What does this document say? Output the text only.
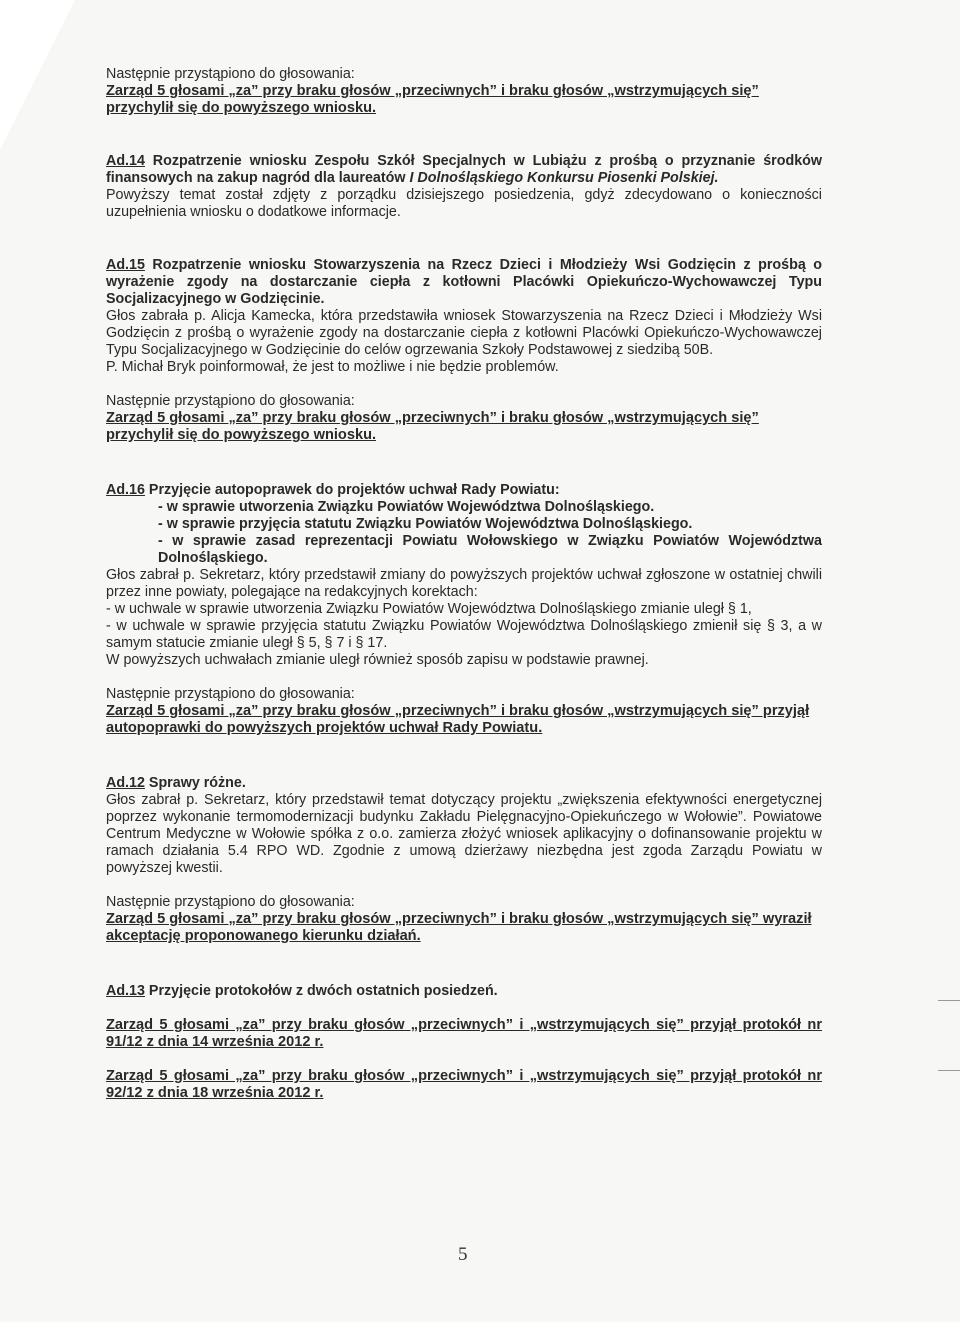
Następnie przystąpiono do głosowania:

Zarząd 5 głosami „za” przy braku głosów „przeciwnych” i braku głosów „wstrzymujących się” przychylił się do powyższego wniosku.

Ad.14 Rozpatrzenie wniosku Zespołu Szkół Specjalnych w Lubiążu z prośbą o przyznanie środków finansowych na zakup nagród dla laureatów I Dolnośląskiego Konkursu Piosenki Polskiej.

Powyższy temat został zdjęty z porządku dzisiejszego posiedzenia, gdyż zdecydowano o konieczności uzupełnienia wniosku o dodatkowe informacje.

Ad.15 Rozpatrzenie wniosku Stowarzyszenia na Rzecz Dzieci i Młodzieży Wsi Godzięcin z prośbą o wyrażenie zgody na dostarczanie ciepła z kotłowni Placówki Opiekuńczo-Wychowawczej Typu Socjalizacyjnego w Godzięcinie.

Głos zabrała p. Alicja Kamecka, która przedstawiła wniosek Stowarzyszenia na Rzecz Dzieci i Młodzieży Wsi Godzięcin z prośbą o wyrażenie zgody na dostarczanie ciepła z kotłowni Placówki Opiekuńczo-Wychowawczej Typu Socjalizacyjnego w Godzięcinie do celów ogrzewania Szkoły Podstawowej z siedzibą 50B.

P. Michał Bryk poinformował, że jest to możliwe i nie będzie problemów.

Następnie przystąpiono do głosowania:

Zarząd 5 głosami „za” przy braku głosów „przeciwnych” i braku głosów „wstrzymujących się” przychylił się do powyższego wniosku.

Ad.16 Przyjęcie autopoprawek do projektów uchwał Rady Powiatu:

- w sprawie utworzenia Związku Powiatów Województwa Dolnośląskiego.

- w sprawie przyjęcia statutu Związku Powiatów Województwa Dolnośląskiego.

- w sprawie zasad reprezentacji Powiatu Wołowskiego w Związku Powiatów Województwa Dolnośląskiego.

Głos zabrał p. Sekretarz, który przedstawił zmiany do powyższych projektów uchwał zgłoszone w ostatniej chwili przez inne powiaty, polegające na redakcyjnych korektach:

- w uchwale w sprawie utworzenia Związku Powiatów Województwa Dolnośląskiego zmianie uległ § 1,

- w uchwale w sprawie przyjęcia statutu Związku Powiatów Województwa Dolnośląskiego zmienił się § 3, a w samym statucie zmianie uległ § 5, § 7 i § 17.

W powyższych uchwałach zmianie uległ również sposób zapisu w podstawie prawnej.

Następnie przystąpiono do głosowania:

Zarząd 5 głosami „za” przy braku głosów „przeciwnych” i braku głosów „wstrzymujących się” przyjął autopoprawki do powyższych projektów uchwał Rady Powiatu.

Ad.12 Sprawy różne.

Głos zabrał p. Sekretarz, który przedstawił temat dotyczący projektu „zwiększenia efektywności energetycznej poprzez wykonanie termomodernizacji budynku Zakładu Pielęgnacyjno-Opiekuńczego w Wołowie”. Powiatowe Centrum Medyczne w Wołowie spółka z o.o. zamierza złożyć wniosek aplikacyjny o dofinansowanie projektu w ramach działania 5.4 RPO WD. Zgodnie z umową dzierżawy niezbędna jest zgoda Zarządu Powiatu w powyższej kwestii.

Następnie przystąpiono do głosowania:

Zarząd 5 głosami „za” przy braku głosów „przeciwnych” i braku głosów „wstrzymujących się” wyraził akceptację proponowanego kierunku działań.

Ad.13 Przyjęcie protokołów z dwóch ostatnich posiedzeń.

Zarząd 5 głosami „za” przy braku głosów „przeciwnych” i „wstrzymujących się” przyjął protokół nr 91/12 z dnia 14 września 2012 r.

Zarząd 5 głosami „za” przy braku głosów „przeciwnych” i „wstrzymujących się” przyjął protokół nr 92/12 z dnia 18 września 2012 r.

5
